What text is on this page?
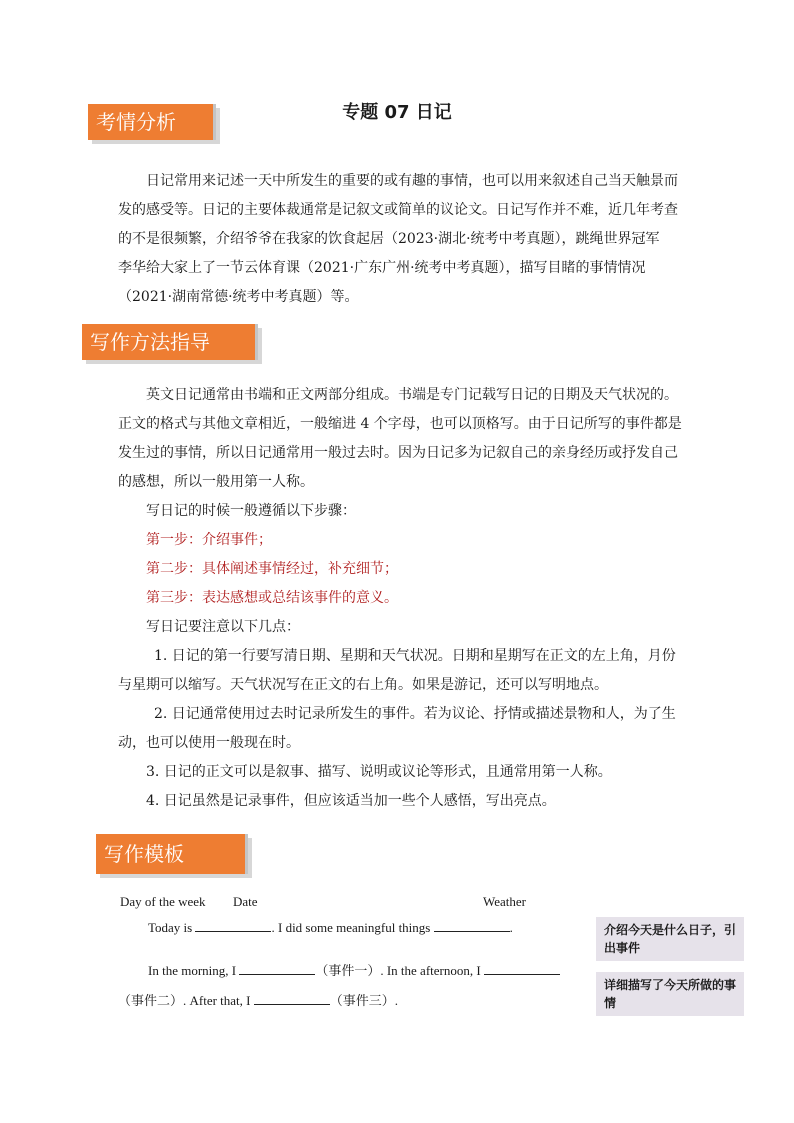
考情分析	专题 07 日记

日记常用来记述一天中所发生的重要的或有趣的事情，也可以用来叙述自己当天触景而

发的感受等。日记的主要体裁通常是记叙文或简单的议论文。日记写作并不难，近几年考查

的不是很频繁，介绍爷爷在我家的饮食起居（2023·湖北·统考中考真题），跳绳世界冠军

李华给大家上了一节云体育课（2021·广东广州·统考中考真题），描写目睹的事情情况

（2021·湖南常德·统考中考真题）等。

写作方法指导

英文日记通常由书端和正文两部分组成。书端是专门记载写日记的日期及天气状况的。

正文的格式与其他文章相近，一般缩进 4 个字母，也可以顶格写。由于日记所写的事件都是

发生过的事情，所以日记通常用一般过去时。因为日记多为记叙自己的亲身经历或抒发自己

的感想，所以一般用第一人称。

写日记的时候一般遵循以下步骤：

第一步：介绍事件；

第二步：具体阐述事情经过，补充细节；

第三步：表达感想或总结该事件的意义。

写日记要注意以下几点：

1. 日记的第一行要写清日期、星期和天气状况。日期和星期写在正文的左上角，月份

与星期可以缩写。天气状况写在正文的右上角。如果是游记，还可以写明地点。

2. 日记通常使用过去时记录所发生的事件。若为议论、抒情或描述景物和人，为了生

动，也可以使用一般现在时。

3. 日记的正文可以是叙事、描写、说明或议论等形式，且通常用第一人称。

4. 日记虽然是记录事件，但应该适当加一些个人感悟，写出亮点。

写作模板
Day of the week Date	Weather
Today is	. I did some meaningful things	.
In the morning, I	（事件一）. In the afternoon, I
（事件二）. After that, I	（事件三）.
介绍今天是什么日子，引出事件
详细描写了今天所做的事情
